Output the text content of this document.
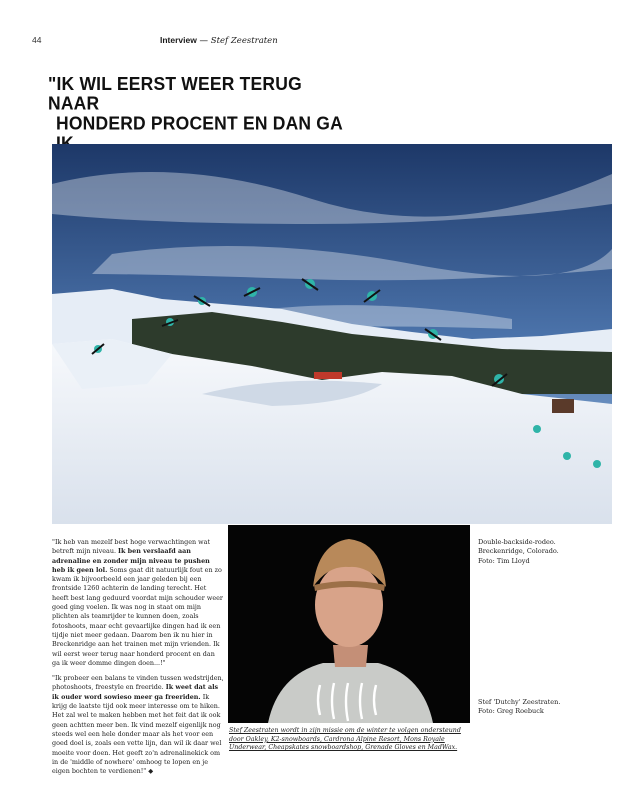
44	Interview — Stef Zeestraten
"IK WIL EERST WEER TERUG NAAR
HONDERD PROCENT EN DAN GA

"Ik heb van mezelf best hoge verwachtingen wat betreft mijn niveau. Ik ben verslaafd aan adrenaline en zonder mijn niveau te pushen heb ik geen lol. Soms gaat dit natuurlijk fout en zo kwam ik bijvoorbeeld een jaar geleden bij een frontside 1260 achterin de landing terecht. Het heeft best lang geduurd voordat mijn schouder weer goed ging voelen. Ik was nog in staat om mijn plichten als teamrijder te kunnen doen, zoals fotoshoots, maar echt gevaarlijke dingen had ik een tijdje niet meer gedaan. Daarom ben ik nu hier in Breckenridge aan het trainen met mijn vrienden. Ik wil eerst weer terug naar honderd procent en dan ga ik weer domme dingen doen...!"

"Ik probeer een balans te vinden tussen wedstrijden, photoshoots, freestyle en freeride. Ik weet dat als ik ouder word sowieso meer ga freeriden. Ik krijg de laatste tijd ook meer interesse om te hiken. Het zal wel te maken hebben met het feit dat ik ook geen achtten meer ben. Ik vind mezelf eigenlijk nog steeds wel een hele donder maar als het voor een goed doel is, zoals een vette lijn, dan wil ik daar wel moeite voor doen. Het geeft zo'n adrenalinekick om in de 'middle of nowhere' omhoog te lopen en je eigen bochten te verdienen!" ◆

Stef Zeestraten wordt in zijn missie om de winter te volgen ondersteund door Oakley, K2-snowboards, Cardrona Alpine Resort, Mons Royale Underwear, Cheapskates snowboardshop, Grenade Gloves en MadWax.
Double-backside-rodeo.
Breckenridge, Colorado.
Foto: Tim Lloyd
Stef 'Dutchy' Zeestraten.
Foto: Greg Roebuck
